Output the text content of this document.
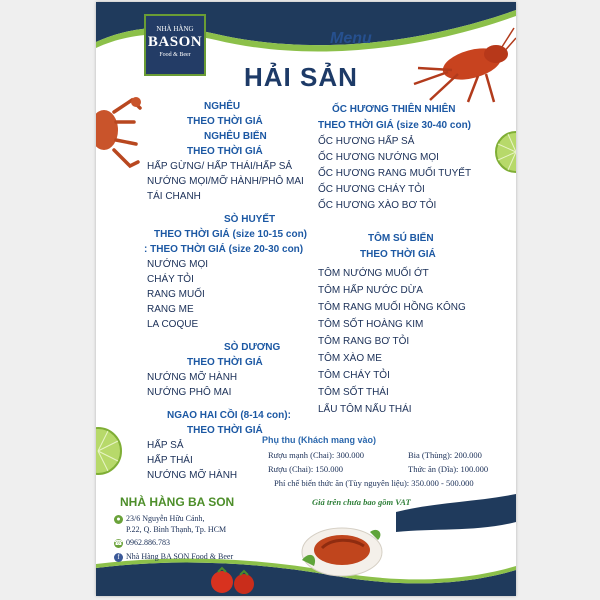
NHÀ HÀNG
BASON
Food & Beer
Menu
HẢI SẢN
NGHÊU
THEO THỜI GIÁ
NGHÊU BIỂN
THEO THỜI GIÁ
HẤP GỪNG/ HẤP THÁI/HẤP SẢ
NƯỚNG MỌI/MỠ HÀNH/PHÔ MAI
TÁI CHANH
SÒ HUYẾT
THEO THỜI GIÁ (size 10-15 con)
: THEO THỜI GIÁ (size 20-30 con)
NƯỚNG MỌI
CHÁY TỎI
RANG MUỐI
RANG ME
LA COQUE
SÒ DƯƠNG
THEO THỜI GIÁ
NƯỚNG MỠ HÀNH
NƯỚNG PHÔ MAI
NGAO HAI CỒI (8-14 con):
THEO THỜI GIÁ
HẤP SẢ
HẤP THÁI
NƯỚNG MỠ HÀNH
ỐC HƯƠNG THIÊN NHIÊN
THEO THỜI GIÁ (size 30-40 con)
ỐC HƯƠNG HẤP SẢ
ỐC HƯƠNG NƯỚNG MỌI
ỐC HƯƠNG RANG MUỐI TUYẾT
ỐC HƯƠNG CHÁY TỎI
ỐC HƯƠNG XÀO BƠ TỎI
TÔM SÚ BIỂN
THEO THỜI GIÁ
TÔM NƯỚNG MUỐI ỚT
TÔM HẤP NƯỚC DỪA
TÔM RANG MUỐI HỒNG KÔNG
TÔM SỐT HOÀNG KIM
TÔM RANG BƠ TỎI
TÔM XÀO ME
TÔM CHÁY TỎI
TÔM SỐT THÁI
LẨU TÔM NẤU THÁI
Phụ thu (Khách mang vào)
Rượu mạnh (Chai): 300.000	Bia (Thùng): 200.000
Rượu (Chai): 150.000	Thức ăn (Dĩa): 100.000
Phí chế biến thức ăn (Tùy nguyên liệu): 350.000 - 500.000
Giá trên chưa bao gồm VAT
NHÀ HÀNG BA SON
● 23/6 Nguyễn Hữu Cảnh,
P.22, Q. Bình Thạnh, Tp. HCM
☎ 0962.886.783
f Nhà Hàng BA SON Food & Beer
